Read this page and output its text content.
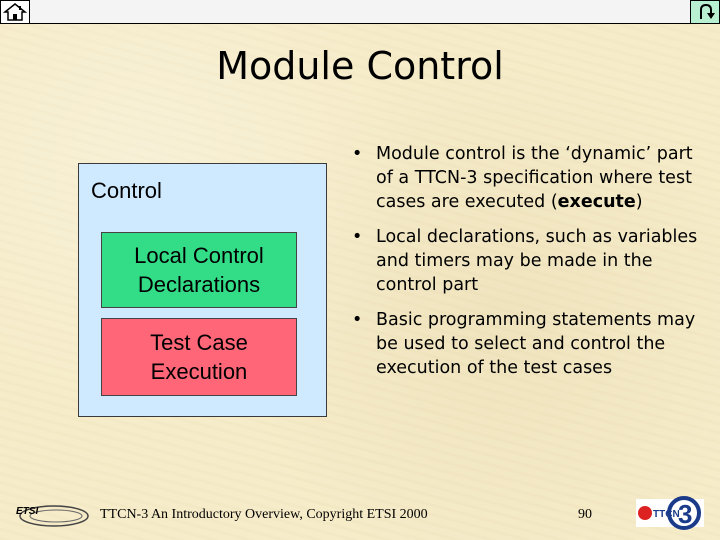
Module Control
Control
Local Control
Declarations
Test Case
Execution
• Module control is the ‘dynamic’ part of a TTCN-3 specification where test cases are executed (execute)
• Local declarations, such as variables and timers may be made in the control part
• Basic programming statements may be used to select and control the execution of the test cases
ETSI	TTCN-3 An Introductory Overview, Copyright ETSI 2000	90	3
TTCN
